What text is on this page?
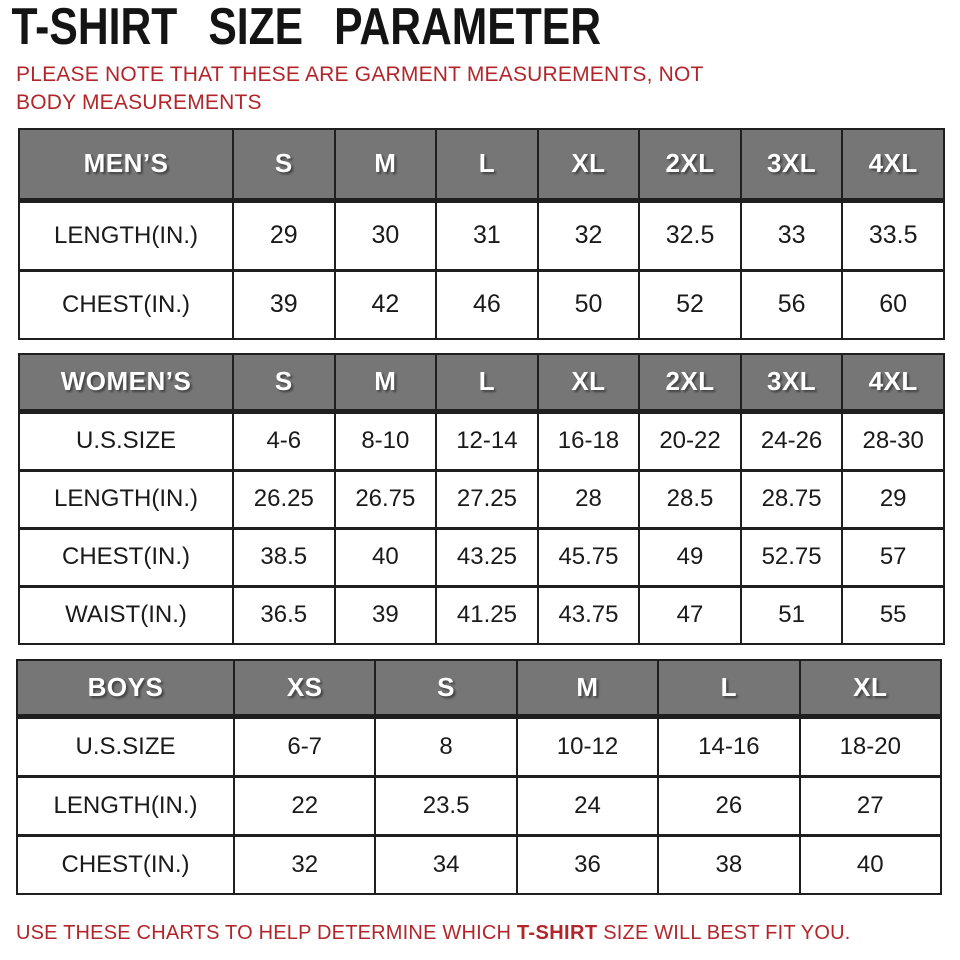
T-SHIRT SIZE PARAMETER

PLEASE NOTE THAT THESE ARE GARMENT MEASUREMENTS, NOT BODY MEASUREMENTS

MEN’S	S	M	L	XL	2XL	3XL	4XL
LENGTH(IN.)	29	30	31	32	32.5	33	33.5
CHEST(IN.)	39	42	46	50	52	56	60
WOMEN’S	S	M	L	XL	2XL	3XL	4XL
U.S.SIZE	4-6	8-10	12-14	16-18	20-22	24-26	28-30
LENGTH(IN.)	26.25	26.75	27.25	28	28.5	28.75	29
CHEST(IN.)	38.5	40	43.25	45.75	49	52.75	57
WAIST(IN.)	36.5	39	41.25	43.75	47	51	55
BOYS	XS	S	M	L	XL
U.S.SIZE	6-7	8	10-12	14-16	18-20
LENGTH(IN.)	22	23.5	24	26	27
CHEST(IN.)	32	34	36	38	40

USE THESE CHARTS TO HELP DETERMINE WHICH T-SHIRT SIZE WILL BEST FIT YOU.
